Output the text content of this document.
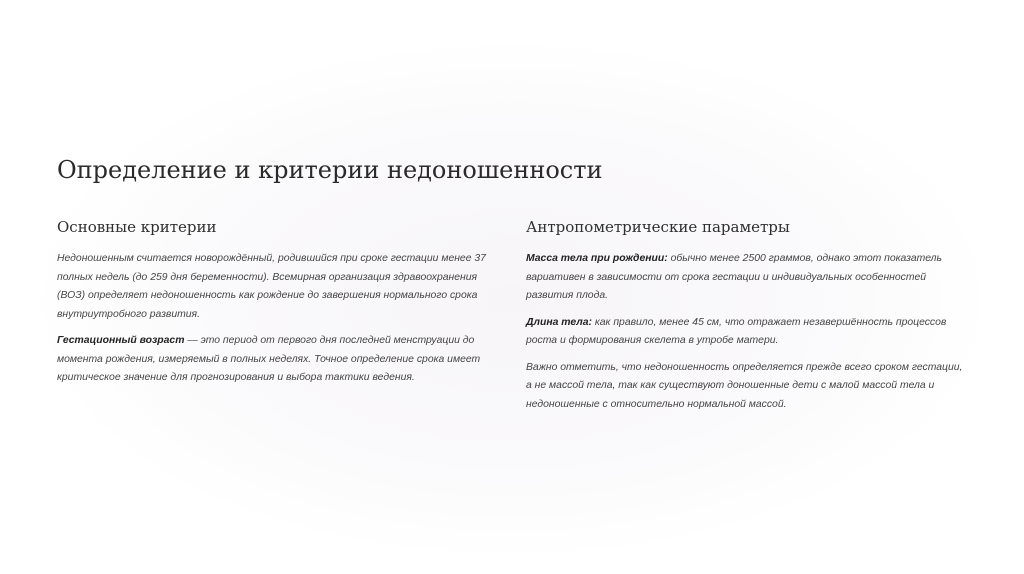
Определение и критерии недоношенности
Основные критерии

Недоношенным считается новорождённый, родившийся при сроке гестации менее 37 полных недель (до 259 дня беременности). Всемирная организация здравоохранения (ВОЗ) определяет недоношенность как рождение до завершения нормального срока внутриутробного развития.

Гестационный возраст — это период от первого дня последней менструации до момента рождения, измеряемый в полных неделях. Точное определение срока имеет критическое значение для прогнозирования и выбора тактики ведения.

Антропометрические параметры

Масса тела при рождении: обычно менее 2500 граммов, однако этот показатель вариативен в зависимости от срока гестации и индивидуальных особенностей развития плода.

Длина тела: как правило, менее 45 см, что отражает незавершённость процессов роста и формирования скелета в утробе матери.

Важно отметить, что недоношенность определяется прежде всего сроком гестации, а не массой тела, так как существуют доношенные дети с малой массой тела и недоношенные с относительно нормальной массой.
